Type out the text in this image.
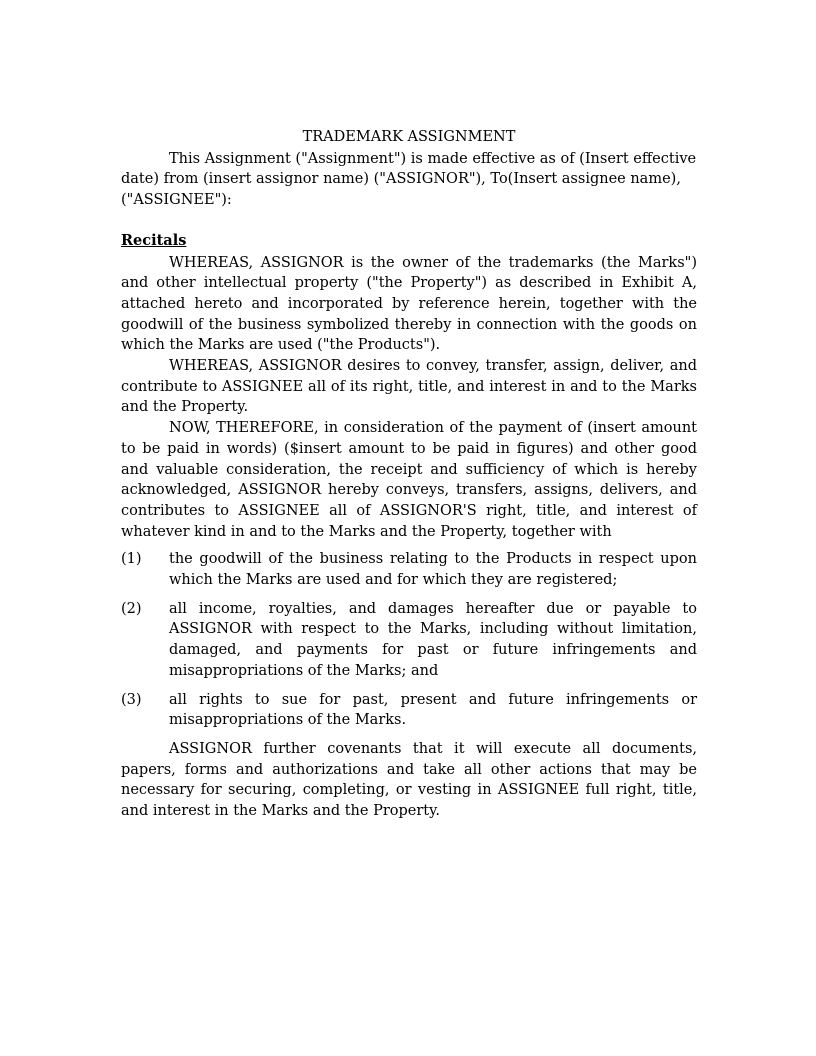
TRADEMARK ASSIGNMENT

This Assignment ("Assignment") is made effective as of (Insert effective date) from (insert assignor name) ("ASSIGNOR"), To(Insert assignee name), ("ASSIGNEE"):

Recitals

WHEREAS, ASSIGNOR is the owner of the trademarks (the Marks") and other intellectual property ("the Property") as described in Exhibit A, attached hereto and incorporated by reference herein, together with the goodwill of the business symbolized thereby in connection with the goods on which the Marks are used ("the Products").

WHEREAS, ASSIGNOR desires to convey, transfer, assign, deliver, and contribute to ASSIGNEE all of its right, title, and interest in and to the Marks and the Property.

NOW, THEREFORE, in consideration of the payment of (insert amount to be paid in words) ($insert amount to be paid in figures) and other good and valuable consideration, the receipt and sufficiency of which is hereby acknowledged, ASSIGNOR hereby conveys, transfers, assigns, delivers, and contributes to ASSIGNEE all of ASSIGNOR'S right, title, and interest of whatever kind in and to the Marks and the Property, together with

(1)	the goodwill of the business relating to the Products in respect upon which the Marks are used and for which they are registered;
(2)	all income, royalties, and damages hereafter due or payable to ASSIGNOR with respect to the Marks, including without limitation, damaged, and payments for past or future infringements and misappropriations of the Marks; and
(3)	all rights to sue for past, present and future infringements or misappropriations of the Marks.

ASSIGNOR further covenants that it will execute all documents, papers, forms and authorizations and take all other actions that may be necessary for securing, completing, or vesting in ASSIGNEE full right, title, and interest in the Marks and the Property.
